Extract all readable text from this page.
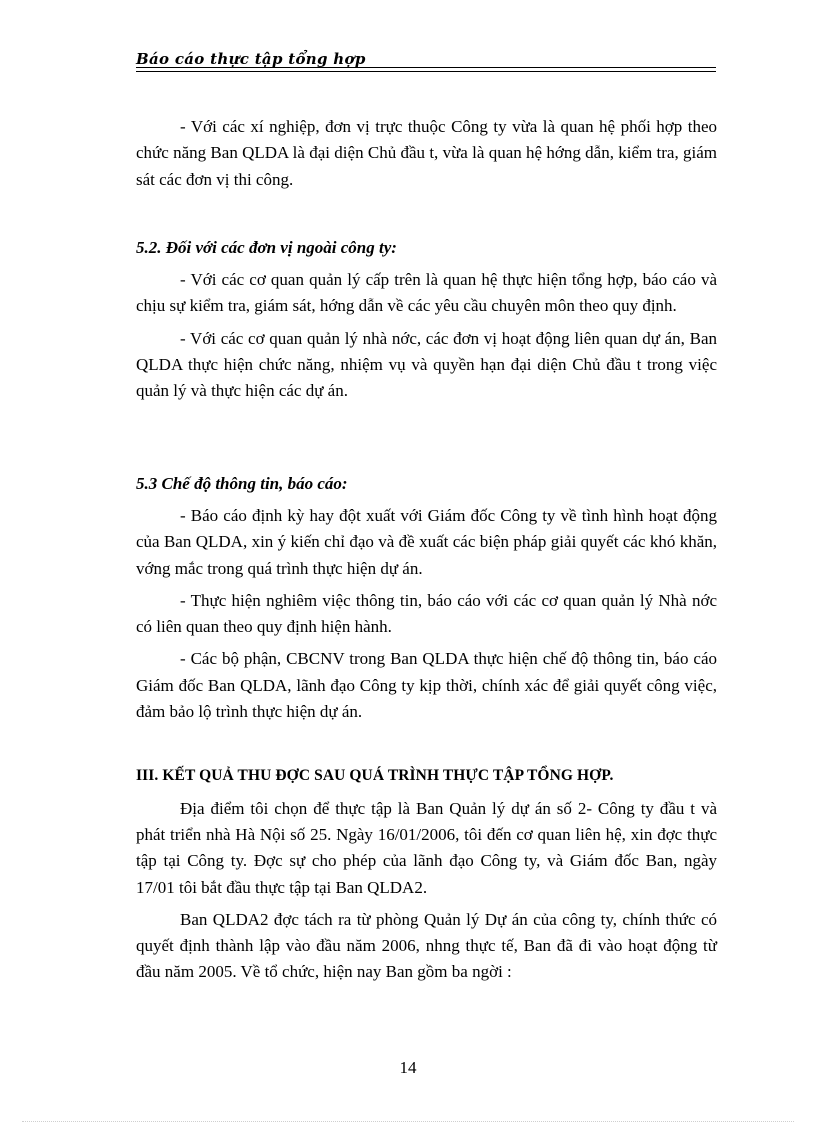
Báo cáo thực tập tổng hợp

- Với các xí nghiệp, đơn vị trực thuộc Công ty vừa là quan hệ phối hợp theo chức năng Ban QLDA là đại diện Chủ đầu t, vừa là quan hệ hớng dẫn, kiểm tra, giám sát các đơn vị thi công.

5.2. Đối với các đơn vị ngoài công ty:

- Với các cơ quan quản lý cấp trên là quan hệ thực hiện tổng hợp, báo cáo và chịu sự kiểm tra, giám sát, hớng dẫn về các yêu cầu chuyên môn theo quy định.

- Với các cơ quan quản lý nhà nớc, các đơn vị hoạt động liên quan dự án, Ban QLDA thực hiện chức năng, nhiệm vụ và quyền hạn đại diện Chủ đầu t trong việc quản lý và thực hiện các dự án.

5.3 Chế độ thông tin, báo cáo:

- Báo cáo định kỳ hay đột xuất với Giám đốc Công ty về tình hình hoạt động của Ban QLDA, xin ý kiến chỉ đạo và đề xuất các biện pháp giải quyết các khó khăn, vớng mắc trong quá trình thực hiện dự án.

- Thực hiện nghiêm việc thông tin, báo cáo với các cơ quan quản lý Nhà nớc có liên quan theo quy định hiện hành.

- Các bộ phận, CBCNV trong Ban QLDA thực hiện chế độ thông tin, báo cáo Giám đốc Ban QLDA, lãnh đạo Công ty kịp thời, chính xác để giải quyết công việc, đảm bảo lộ trình thực hiện dự án.

III. KẾT QUẢ THU ĐỢC SAU QUÁ TRÌNH THỰC TẬP TỔNG HỢP.

Địa điểm tôi chọn để thực tập là Ban Quản lý dự án số 2- Công ty đầu t và phát triển nhà Hà Nội số 25. Ngày 16/01/2006, tôi đến cơ quan liên hệ, xin đợc thực tập tại Công ty. Đợc sự cho phép của lãnh đạo Công ty, và Giám đốc Ban, ngày 17/01 tôi bắt đầu thực tập tại Ban QLDA2.

Ban QLDA2 đợc tách ra từ phòng Quản lý Dự án của công ty, chính thức có quyết định thành lập vào đầu năm 2006, nhng thực tế, Ban đã đi vào hoạt động từ đầu năm 2005. Về tổ chức, hiện nay Ban gồm ba ngời :

14
